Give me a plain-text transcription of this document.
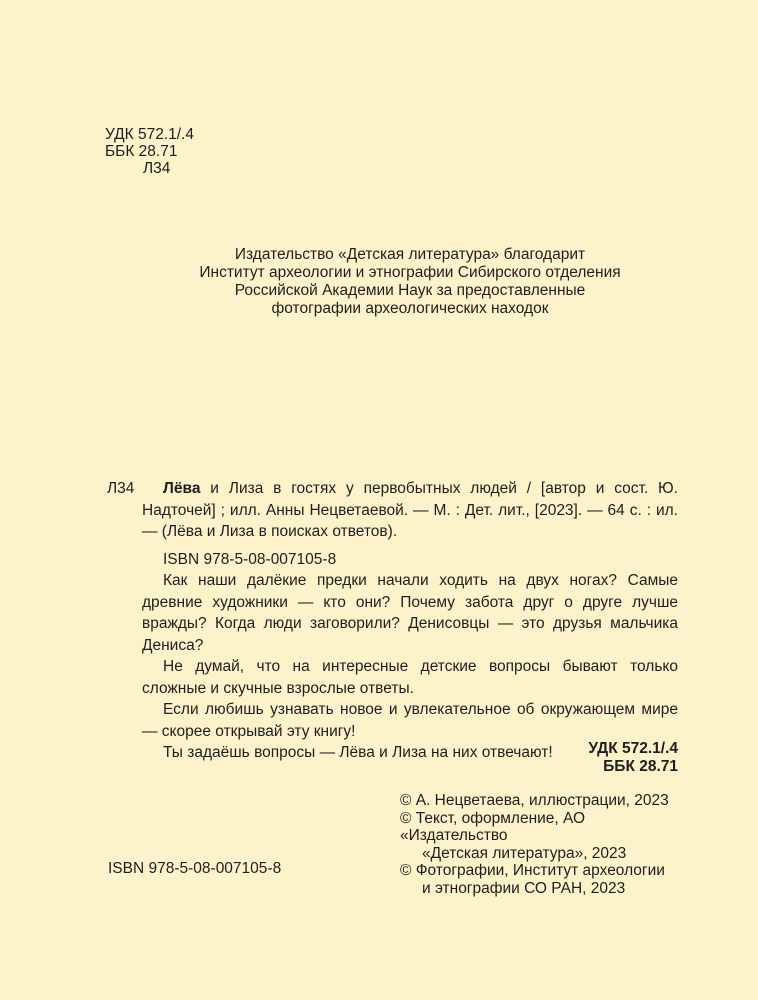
УДК 572.1/.4
ББК 28.71
Л34
Издательство «Детская литература» благодарит
Институт археологии и этнографии Сибирского отделения
Российской Академии Наук за предоставленные
фотографии археологических находок
Л34	Лёва и Лиза в гостях у первобытных людей / [автор и сост. Ю. Надточей] ; илл. Анны Нецветаевой. — М. : Дет. лит., [2023]. — 64 с. : ил. — (Лёва и Лиза в поисках ответов).
ISBN 978-5-08-007105-8

Как наши далёкие предки начали ходить на двух ногах? Самые древние художники — кто они? Почему забота друг о друге лучше вражды? Когда люди заговорили? Денисовцы — это друзья мальчика Дениса?

Не думай, что на интересные детские вопросы бывают только сложные и скучные взрослые ответы.

Если любишь узнавать новое и увлекательное об окружающем мире — скорее открывай эту книгу!

Ты задаёшь вопросы — Лёва и Лиза на них отвечают!	УДК 572.1/.4
ББК 28.71
© А. Нецветаева, иллюстрации, 2023
© Текст, оформление, АО «Издательство
«Детская литература», 2023
© Фотографии, Институт археологии
и этнографии СО РАН, 2023
ISBN 978-5-08-007105-8
